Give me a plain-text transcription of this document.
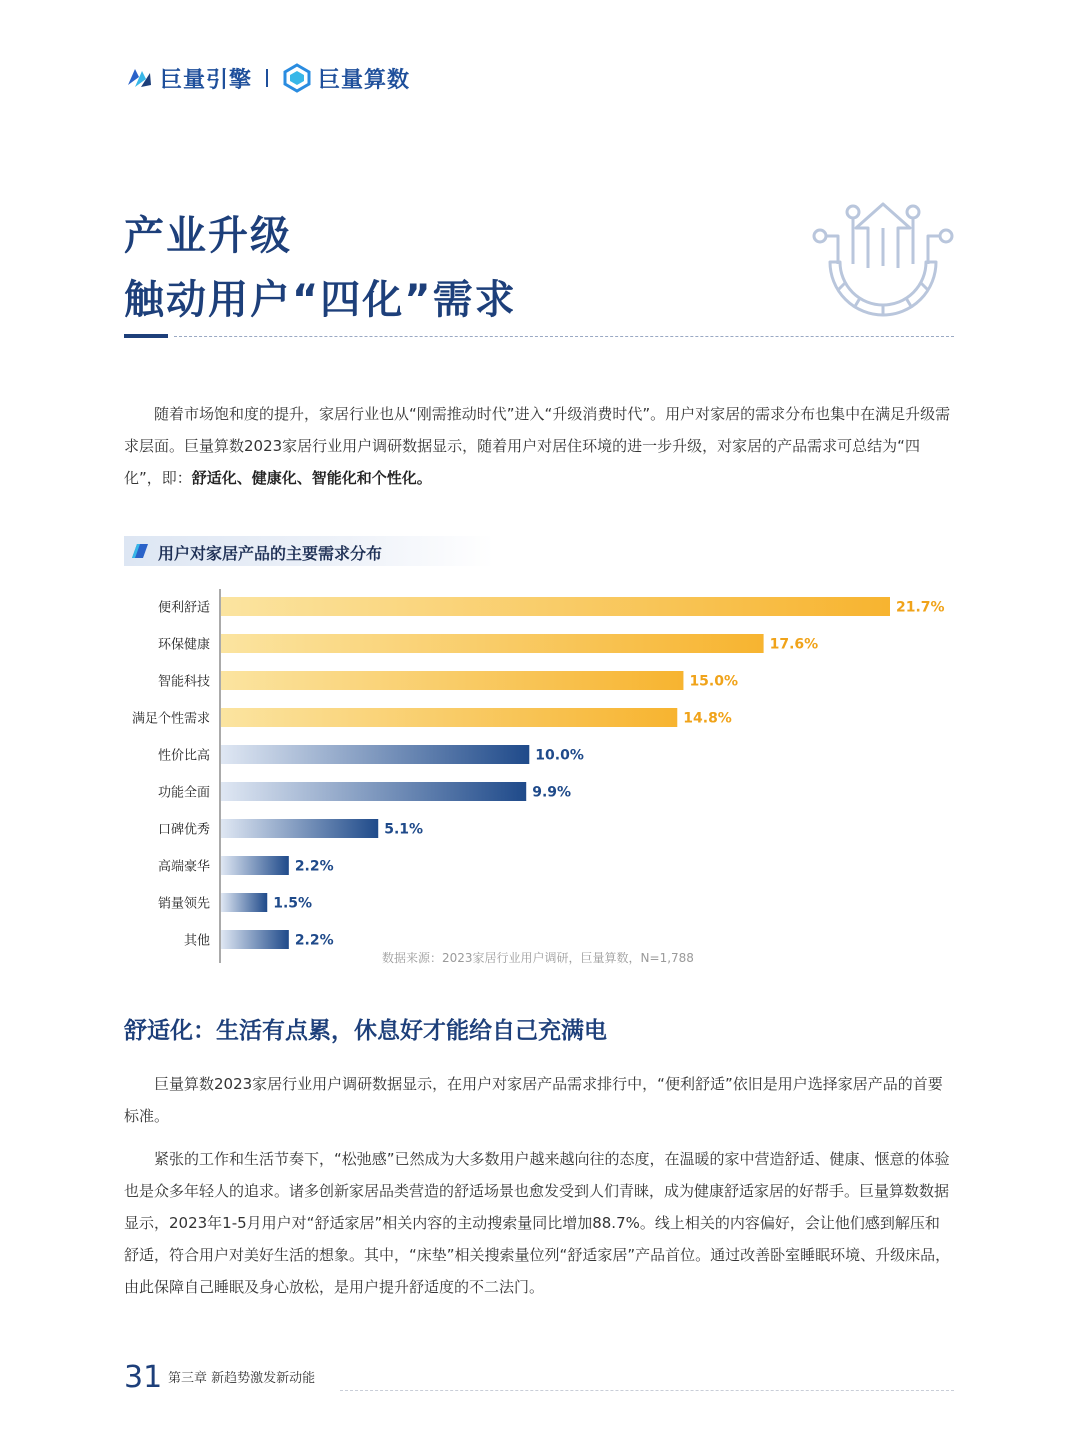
巨量引擎	巨量算数
产业升级
触动用户“四化”需求

随着市场饱和度的提升，家居行业也从“刚需推动时代”进入“升级消费时代”。用户对家居的需求分布也集中在满足升级需求层面。巨量算数2023家居行业用户调研数据显示，随着用户对居住环境的进一步升级，对家居的产品需求可总结为“四化”，即：舒适化、健康化、智能化和个性化。

用户对家居产品的主要需求分布
便利舒适	21.7%
环保健康	17.6%
智能科技	15.0%
满足个性需求	14.8%
性价比高	10.0%
功能全面	9.9%
口碑优秀	5.1%
高端豪华	2.2%
销量领先	1.5%
其他	2.2%
数据来源：2023家居行业用户调研，巨量算数，N=1,788
舒适化：生活有点累，休息好才能给自己充满电

巨量算数2023家居行业用户调研数据显示，在用户对家居产品需求排行中，“便利舒适”依旧是用户选择家居产品的首要标准。

紧张的工作和生活节奏下，“松弛感”已然成为大多数用户越来越向往的态度，在温暖的家中营造舒适、健康、惬意的体验也是众多年轻人的追求。诸多创新家居品类营造的舒适场景也愈发受到人们青睐，成为健康舒适家居的好帮手。巨量算数数据显示，2023年1-5月用户对“舒适家居”相关内容的主动搜索量同比增加88.7%。线上相关的内容偏好，会让他们感到解压和舒适，符合用户对美好生活的想象。其中，“床垫”相关搜索量位列“舒适家居”产品首位。通过改善卧室睡眠环境、升级床品，由此保障自己睡眠及身心放松，是用户提升舒适度的不二法门。

31 第三章 新趋势激发新动能
